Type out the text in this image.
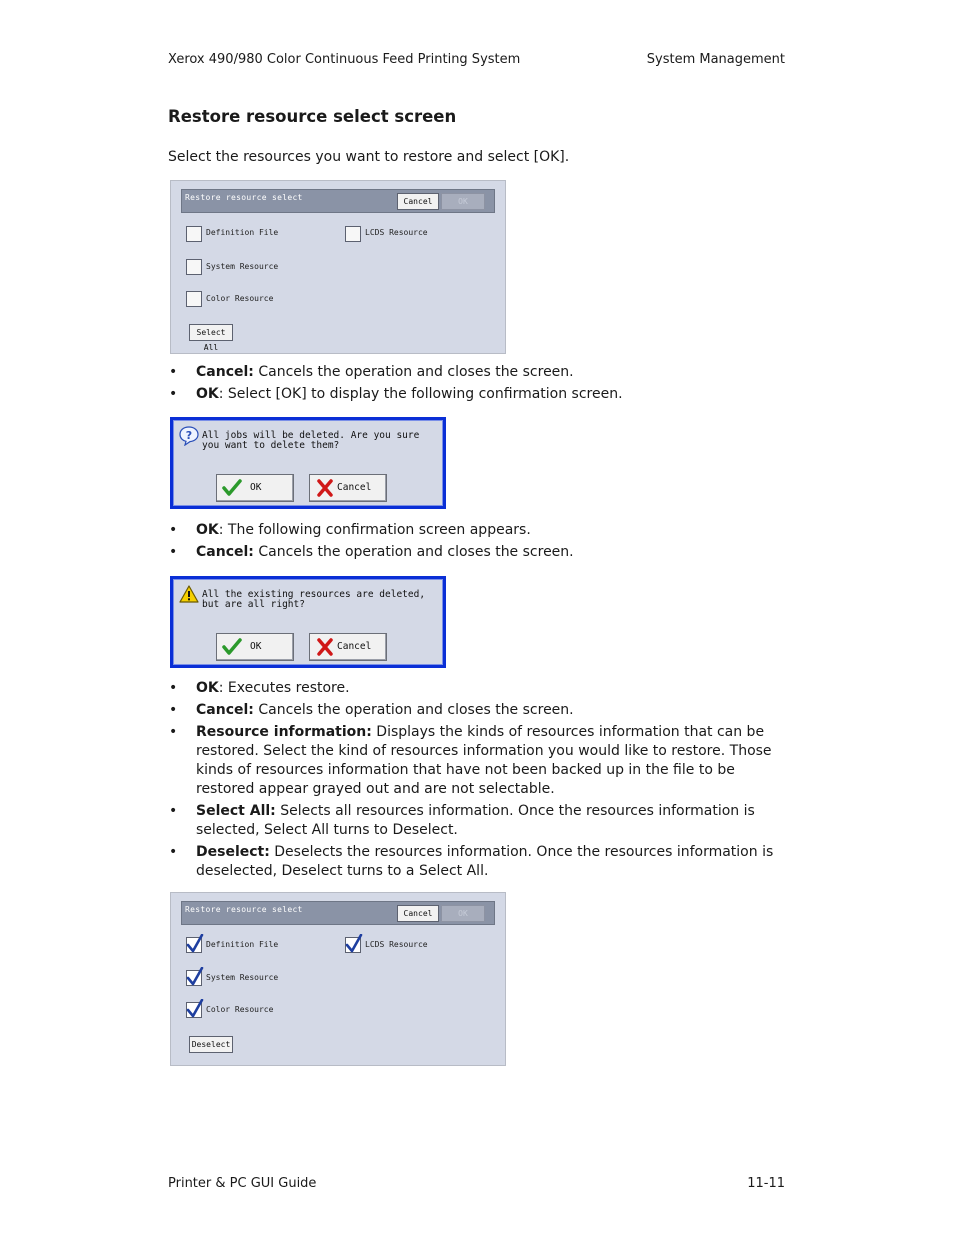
Xerox 490/980 Color Continuous Feed Printing System	System Management
Restore resource select screen
Select the resources you want to restore and select [OK].
Restore resource select	Cancel	OK
Definition File	LCDS Resource
System Resource
Color Resource
Select All
• Cancel: Cancels the operation and closes the screen.
• OK: Select [OK] to display the following confirmation screen.
? All jobs will be deleted. Are you sure
you want to delete them?
OK	Cancel
• OK: The following confirmation screen appears.
• Cancel: Cancels the operation and closes the screen.
All the existing resources are deleted,
but are all right?
OK	Cancel
• OK: Executes restore.
• Cancel: Cancels the operation and closes the screen.
• Resource information: Displays the kinds of resources information that can be restored. Select the kind of resources information you would like to restore. Those kinds of resources information that have not been backed up in the file to be restored appear grayed out and are not selectable.
• Select All: Selects all resources information. Once the resources information is selected, Select All turns to Deselect.
• Deselect: Deselects the resources information. Once the resources information is deselected, Deselect turns to a Select All.
Restore resource select	Cancel	OK
Definition File	LCDS Resource
System Resource
Color Resource
Deselect
Printer & PC GUI Guide	11-11
